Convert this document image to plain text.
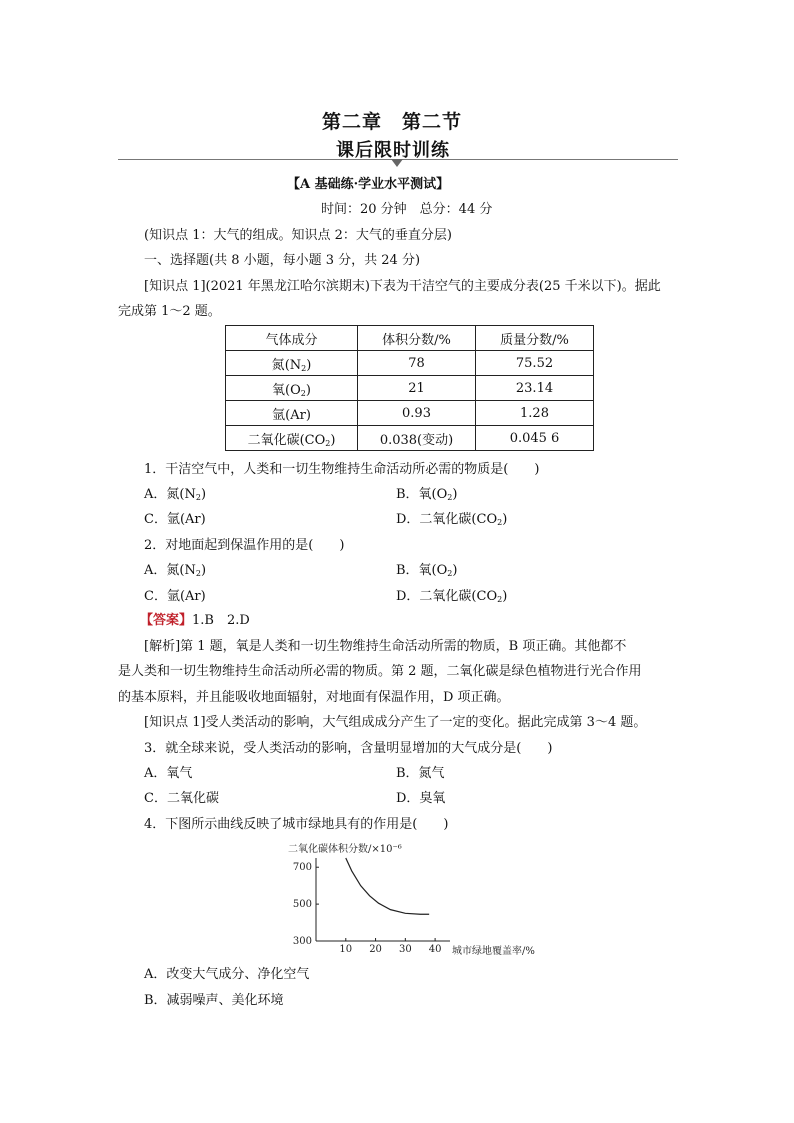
第二章　第二节
课后限时训练
【A 基础练·学业水平测试】
时间：20 分钟　总分：44 分
(知识点 1：大气的组成。知识点 2：大气的垂直分层)
一、选择题(共 8 小题，每小题 3 分，共 24 分)
[知识点 1](2021 年黑龙江哈尔滨期末)下表为干洁空气的主要成分表(25 千米以下)。据此
完成第 1～2 题。
气体成分	体积分数/%	质量分数/%
氮$(N_2)$	78	75.52
氧$(O_2)$	21	23.14
氩(Ar)	0.93	1.28
二氧化碳$(CO_2)$	0.038(变动)	0.045 6
1．干洁空气中，人类和一切生物维持生命活动所必需的物质是(　　)
A．氮$(N_2)$	B．氧$(O_2)$
C．氩(Ar)	D．二氧化碳$(CO_2)$
2．对地面起到保温作用的是(　　)
A．氮$(N_2)$	B．氧$(O_2)$
C．氩(Ar)	D．二氧化碳$(CO_2)$
【答案】1.B　2.D
[解析]第 1 题，氧是人类和一切生物维持生命活动所需的物质，B 项正确。其他都不
是人类和一切生物维持生命活动所必需的物质。第 2 题，二氧化碳是绿色植物进行光合作用
的基本原料，并且能吸收地面辐射，对地面有保温作用，D 项正确。
[知识点 1]受人类活动的影响，大气组成成分产生了一定的变化。据此完成第 3～4 题。
3．就全球来说，受人类活动的影响，含量明显增加的大气成分是(　　)
A．氧气	B．氮气
C．二氧化碳	D．臭氧
4．下图所示曲线反映了城市绿地具有的作用是(　　)
二氧化碳体积分数/×10⁻⁶
城市绿地覆盖率/%
10 20 30 40
300
500
700
A．改变大气成分、净化空气
B．减弱噪声、美化环境
